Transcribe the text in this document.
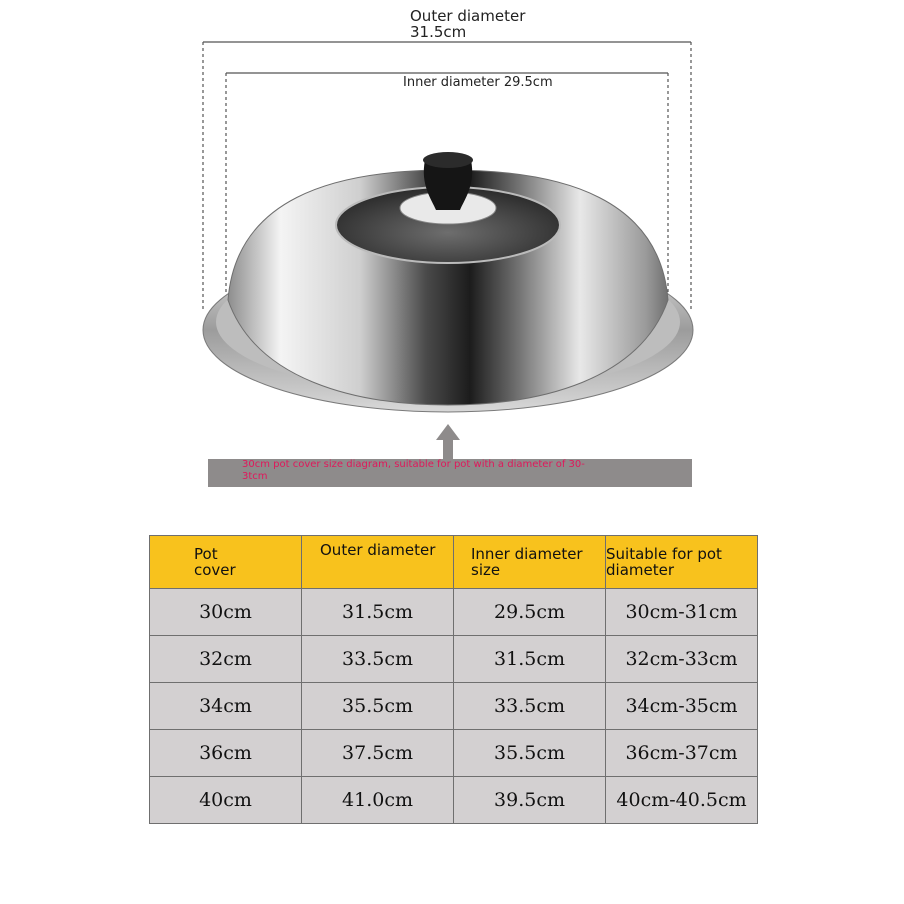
Outer diameter
31.5cm
Inner diameter 29.5cm
30cm pot cover size diagram, suitable for pot with a diameter of 30-3tcm
Pot cover	Outer diameter	Inner diameter size	Suitable for pot diameter

30cm	31.5cm	29.5cm	30cm-31cm
32cm	33.5cm	31.5cm	32cm-33cm
34cm	35.5cm	33.5cm	34cm-35cm
36cm	37.5cm	35.5cm	36cm-37cm
40cm	41.0cm	39.5cm	40cm-40.5cm
